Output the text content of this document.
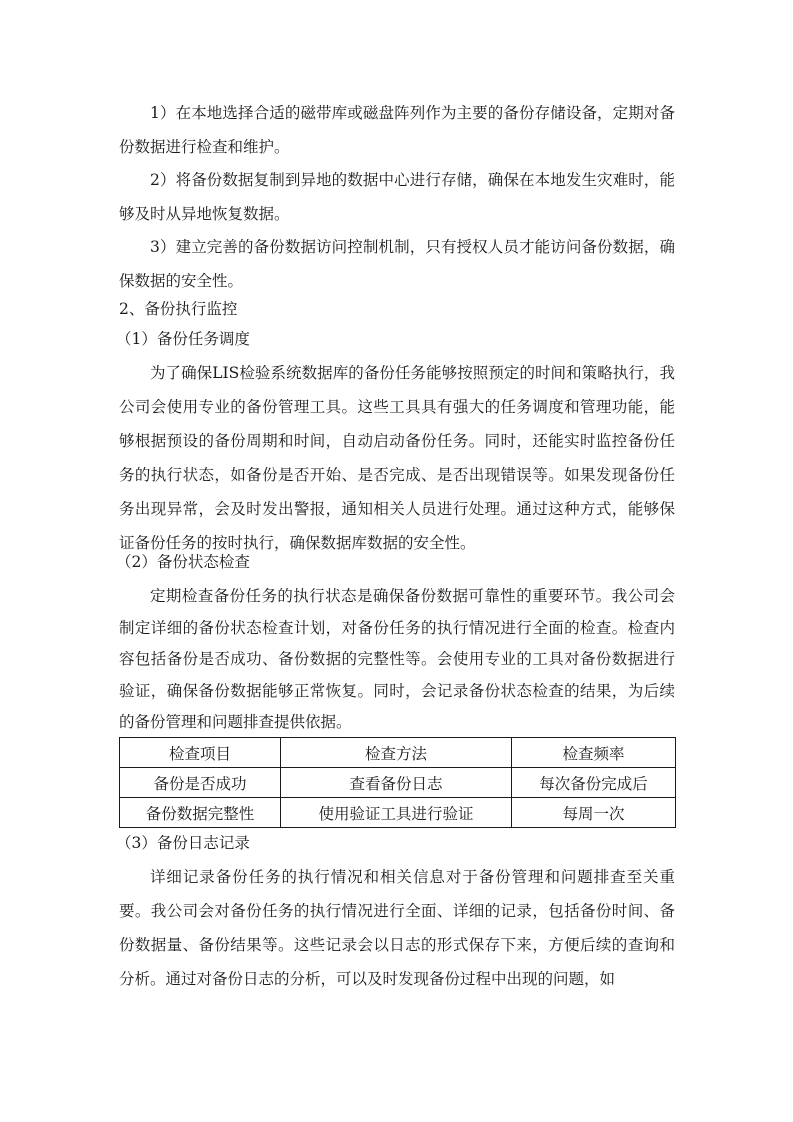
1）在本地选择合适的磁带库或磁盘阵列作为主要的备份存储设备，定期对备份数据进行检查和维护。

2）将备份数据复制到异地的数据中心进行存储，确保在本地发生灾难时，能够及时从异地恢复数据。

3）建立完善的备份数据访问控制机制，只有授权人员才能访问备份数据，确保数据的安全性。

2、备份执行监控
（1）备份任务调度

为了确保LIS检验系统数据库的备份任务能够按照预定的时间和策略执行，我公司会使用专业的备份管理工具。这些工具具有强大的任务调度和管理功能，能够根据预设的备份周期和时间，自动启动备份任务。同时，还能实时监控备份任务的执行状态，如备份是否开始、是否完成、是否出现错误等。如果发现备份任务出现异常，会及时发出警报，通知相关人员进行处理。通过这种方式，能够保证备份任务的按时执行，确保数据库数据的安全性。

（2）备份状态检查

定期检查备份任务的执行状态是确保备份数据可靠性的重要环节。我公司会制定详细的备份状态检查计划，对备份任务的执行情况进行全面的检查。检查内容包括备份是否成功、备份数据的完整性等。会使用专业的工具对备份数据进行验证，确保备份数据能够正常恢复。同时，会记录备份状态检查的结果，为后续的备份管理和问题排查提供依据。

检查项目	检查方法	检查频率
备份是否成功	查看备份日志	每次备份完成后
备份数据完整性	使用验证工具进行验证	每周一次
（3）备份日志记录

详细记录备份任务的执行情况和相关信息对于备份管理和问题排查至关重要。我公司会对备份任务的执行情况进行全面、详细的记录，包括备份时间、备份数据量、备份结果等。这些记录会以日志的形式保存下来，方便后续的查询和分析。通过对备份日志的分析，可以及时发现备份过程中出现的问题，如
